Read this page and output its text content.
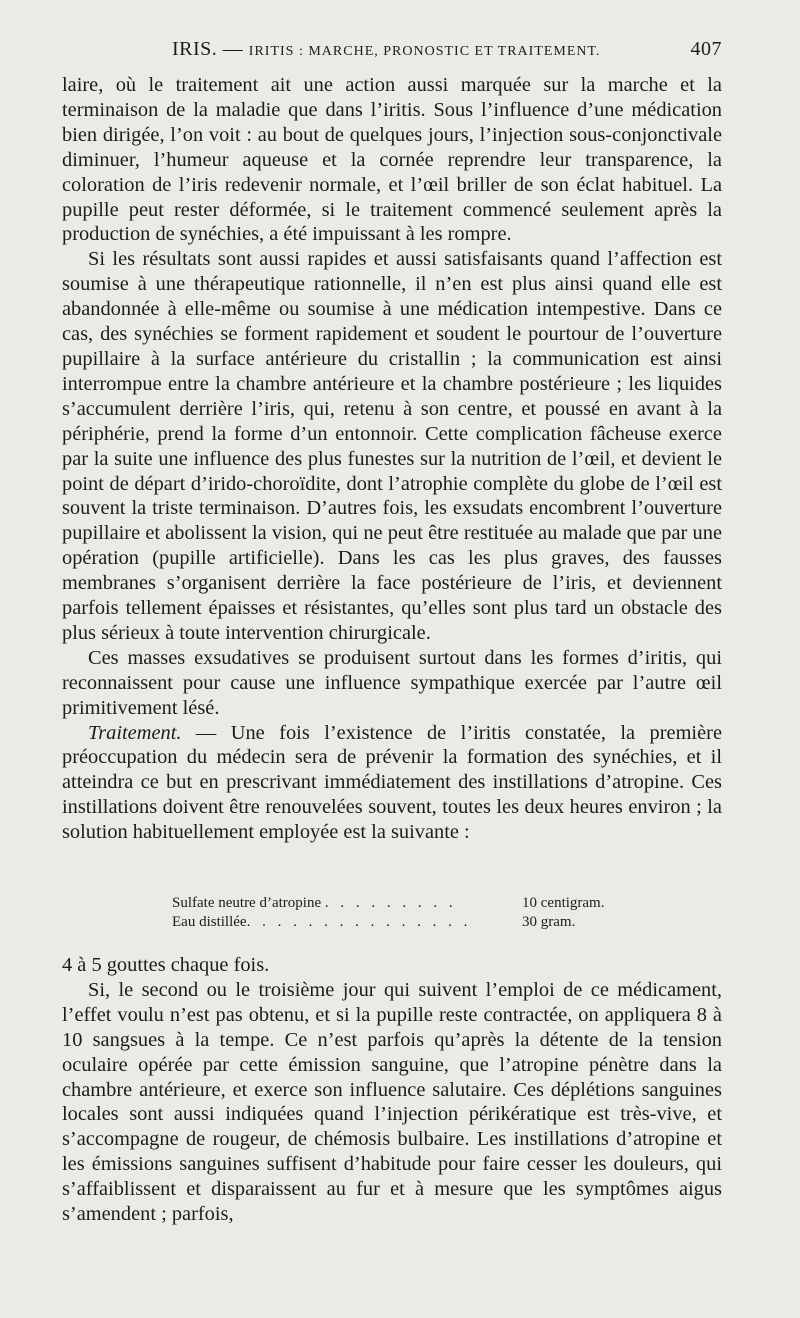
IRIS. — IRITIS : MARCHE, PRONOSTIC ET TRAITEMENT.	407

laire, où le traitement ait une action aussi marquée sur la marche et la terminaison de la maladie que dans l’iritis. Sous l’influence d’une médication bien dirigée, l’on voit : au bout de quelques jours, l’injection sous-conjonctivale diminuer, l’humeur aqueuse et la cornée reprendre leur transparence, la coloration de l’iris redevenir normale, et l’œil briller de son éclat habituel. La pupille peut rester déformée, si le traitement commencé seulement après la production de synéchies, a été impuissant à les rompre.

Si les résultats sont aussi rapides et aussi satisfaisants quand l’affection est soumise à une thérapeutique rationnelle, il n’en est plus ainsi quand elle est abandonnée à elle-même ou soumise à une médication intempestive. Dans ce cas, des synéchies se forment rapidement et soudent le pourtour de l’ouverture pupillaire à la surface antérieure du cristallin ; la communication est ainsi interrompue entre la chambre antérieure et la chambre postérieure ; les liquides s’accumulent derrière l’iris, qui, retenu à son centre, et poussé en avant à la périphérie, prend la forme d’un entonnoir. Cette complication fâcheuse exerce par la suite une influence des plus funestes sur la nutrition de l’œil, et devient le point de départ d’irido-choroïdite, dont l’atrophie complète du globe de l’œil est souvent la triste terminaison. D’autres fois, les exsudats encombrent l’ouverture pupillaire et abolissent la vision, qui ne peut être restituée au malade que par une opération (pupille artificielle). Dans les cas les plus graves, des fausses membranes s’organisent derrière la face postérieure de l’iris, et deviennent parfois tellement épaisses et résistantes, qu’elles sont plus tard un obstacle des plus sérieux à toute intervention chirurgicale.

Ces masses exsudatives se produisent surtout dans les formes d’iritis, qui reconnaissent pour cause une influence sympathique exercée par l’autre œil primitivement lésé.

Traitement. — Une fois l’existence de l’iritis constatée, la première préoccupation du médecin sera de prévenir la formation des synéchies, et il atteindra ce but en prescrivant immédiatement des instillations d’atropine. Ces instillations doivent être renouvelées souvent, toutes les deux heures environ ; la solution habituellement employée est la suivante :

Sulfate neutre d’atropine . . . . . . . . .	10 centigram.
Eau distillée. . . . . . . . . . . . . . .	30 gram.

4 à 5 gouttes chaque fois.

Si, le second ou le troisième jour qui suivent l’emploi de ce médicament, l’effet voulu n’est pas obtenu, et si la pupille reste contractée, on appliquera 8 à 10 sangsues à la tempe. Ce n’est parfois qu’après la détente de la tension oculaire opérée par cette émission sanguine, que l’atropine pénètre dans la chambre antérieure, et exerce son influence salutaire. Ces déplétions sanguines locales sont aussi indiquées quand l’injection périkératique est très-vive, et s’accompagne de rougeur, de chémosis bulbaire. Les instillations d’atropine et les émissions sanguines suffisent d’habitude pour faire cesser les douleurs, qui s’affaiblissent et disparaissent au fur et à mesure que les symptômes aigus s’amendent ; parfois,
